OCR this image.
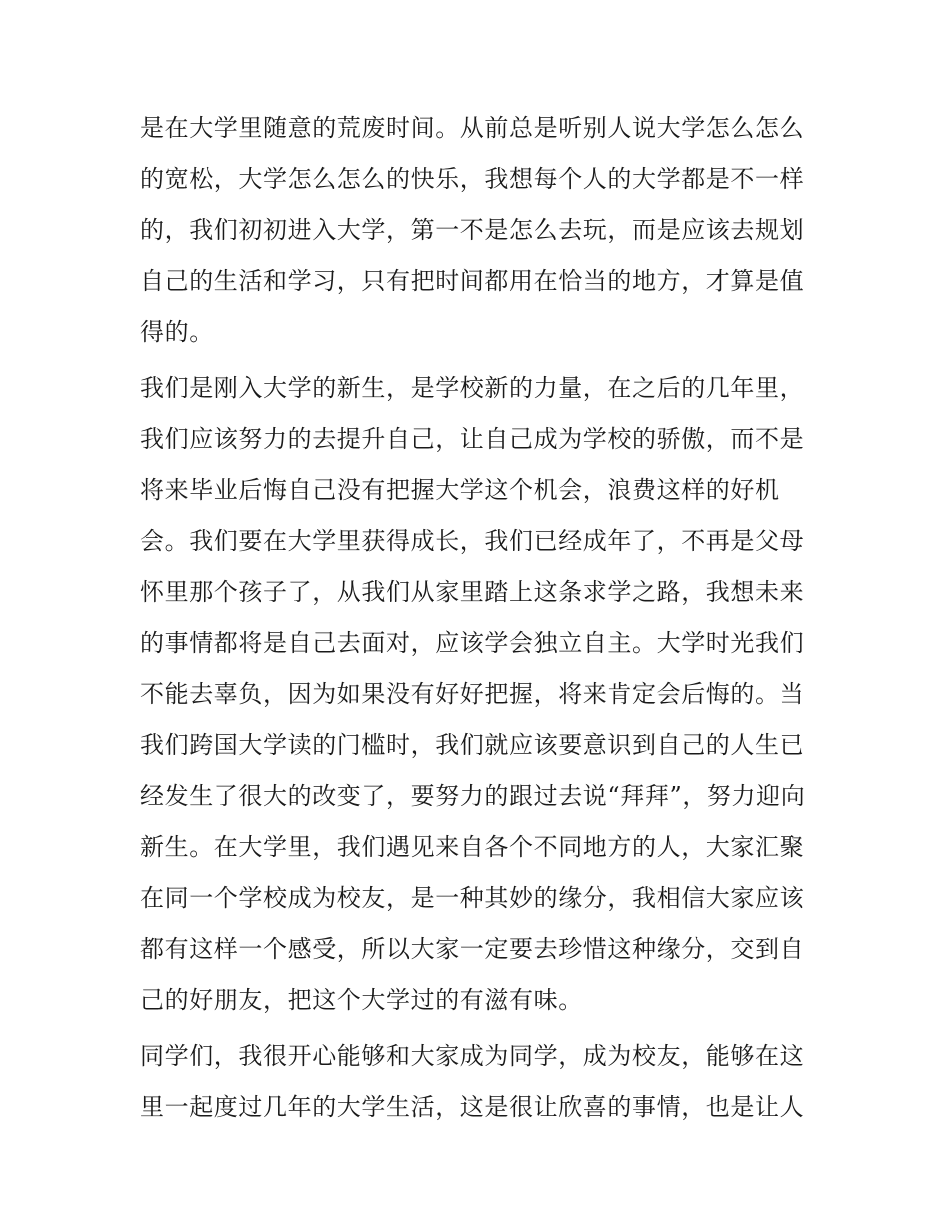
是在大学里随意的荒废时间。从前总是听别人说大学怎么怎么
的宽松，大学怎么怎么的快乐，我想每个人的大学都是不一样
的，我们初初进入大学，第一不是怎么去玩，而是应该去规划
自己的生活和学习，只有把时间都用在恰当的地方，才算是值
得的。
我们是刚入大学的新生，是学校新的力量，在之后的几年里，
我们应该努力的去提升自己，让自己成为学校的骄傲，而不是
将来毕业后悔自己没有把握大学这个机会，浪费这样的好机
会。我们要在大学里获得成长，我们已经成年了，不再是父母
怀里那个孩子了，从我们从家里踏上这条求学之路，我想未来
的事情都将是自己去面对，应该学会独立自主。大学时光我们
不能去辜负，因为如果没有好好把握，将来肯定会后悔的。当
我们跨国大学读的门槛时，我们就应该要意识到自己的人生已
经发生了很大的改变了，要努力的跟过去说“拜拜”，努力迎向
新生。在大学里，我们遇见来自各个不同地方的人，大家汇聚
在同一个学校成为校友，是一种其妙的缘分，我相信大家应该
都有这样一个感受，所以大家一定要去珍惜这种缘分，交到自
己的好朋友，把这个大学过的有滋有味。
同学们，我很开心能够和大家成为同学，成为校友，能够在这
里一起度过几年的大学生活，这是很让欣喜的事情，也是让人
